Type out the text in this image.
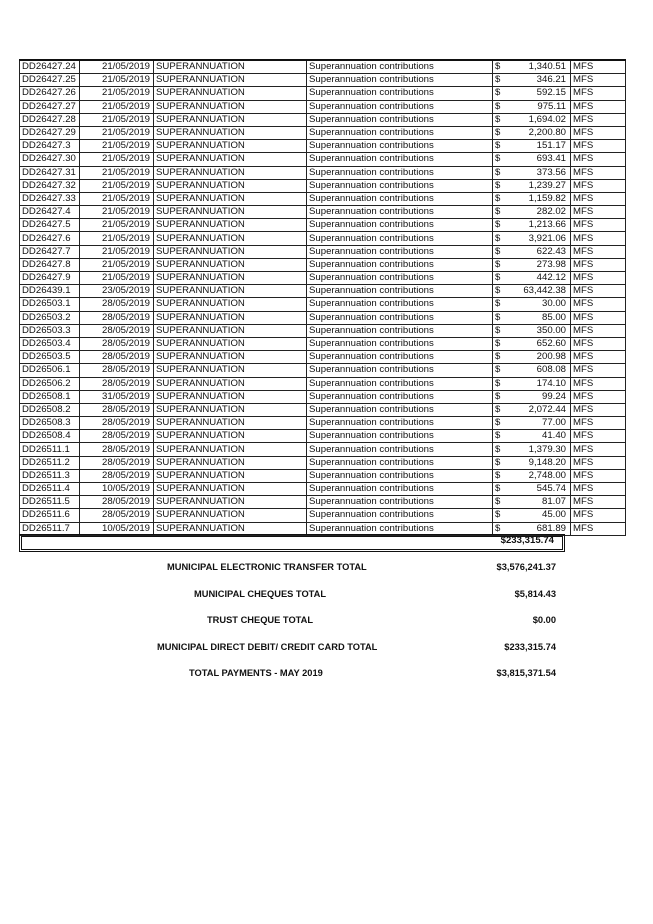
DD26427.24	21/05/2019	SUPERANNUATION	Superannuation contributions	$	1,340.51	MFS
DD26427.25	21/05/2019	SUPERANNUATION	Superannuation contributions	$	346.21	MFS
DD26427.26	21/05/2019	SUPERANNUATION	Superannuation contributions	$	592.15	MFS
DD26427.27	21/05/2019	SUPERANNUATION	Superannuation contributions	$	975.11	MFS
DD26427.28	21/05/2019	SUPERANNUATION	Superannuation contributions	$	1,694.02	MFS
DD26427.29	21/05/2019	SUPERANNUATION	Superannuation contributions	$	2,200.80	MFS
DD26427.3	21/05/2019	SUPERANNUATION	Superannuation contributions	$	151.17	MFS
DD26427.30	21/05/2019	SUPERANNUATION	Superannuation contributions	$	693.41	MFS
DD26427.31	21/05/2019	SUPERANNUATION	Superannuation contributions	$	373.56	MFS
DD26427.32	21/05/2019	SUPERANNUATION	Superannuation contributions	$	1,239.27	MFS
DD26427.33	21/05/2019	SUPERANNUATION	Superannuation contributions	$	1,159.82	MFS
DD26427.4	21/05/2019	SUPERANNUATION	Superannuation contributions	$	282.02	MFS
DD26427.5	21/05/2019	SUPERANNUATION	Superannuation contributions	$	1,213.66	MFS
DD26427.6	21/05/2019	SUPERANNUATION	Superannuation contributions	$	3,921.06	MFS
DD26427.7	21/05/2019	SUPERANNUATION	Superannuation contributions	$	622.43	MFS
DD26427.8	21/05/2019	SUPERANNUATION	Superannuation contributions	$	273.98	MFS
DD26427.9	21/05/2019	SUPERANNUATION	Superannuation contributions	$	442.12	MFS
DD26439.1	23/05/2019	SUPERANNUATION	Superannuation contributions	$	63,442.38	MFS
DD26503.1	28/05/2019	SUPERANNUATION	Superannuation contributions	$	30.00	MFS
DD26503.2	28/05/2019	SUPERANNUATION	Superannuation contributions	$	85.00	MFS
DD26503.3	28/05/2019	SUPERANNUATION	Superannuation contributions	$	350.00	MFS
DD26503.4	28/05/2019	SUPERANNUATION	Superannuation contributions	$	652.60	MFS
DD26503.5	28/05/2019	SUPERANNUATION	Superannuation contributions	$	200.98	MFS
DD26506.1	28/05/2019	SUPERANNUATION	Superannuation contributions	$	608.08	MFS
DD26506.2	28/05/2019	SUPERANNUATION	Superannuation contributions	$	174.10	MFS
DD26508.1	31/05/2019	SUPERANNUATION	Superannuation contributions	$	99.24	MFS
DD26508.2	28/05/2019	SUPERANNUATION	Superannuation contributions	$	2,072.44	MFS
DD26508.3	28/05/2019	SUPERANNUATION	Superannuation contributions	$	77.00	MFS
DD26508.4	28/05/2019	SUPERANNUATION	Superannuation contributions	$	41.40	MFS
DD26511.1	28/05/2019	SUPERANNUATION	Superannuation contributions	$	1,379.30	MFS
DD26511.2	28/05/2019	SUPERANNUATION	Superannuation contributions	$	9,148.20	MFS
DD26511.3	28/05/2019	SUPERANNUATION	Superannuation contributions	$	2,748.00	MFS
DD26511.4	10/05/2019	SUPERANNUATION	Superannuation contributions	$	545.74	MFS
DD26511.5	28/05/2019	SUPERANNUATION	Superannuation contributions	$	81.07	MFS
DD26511.6	28/05/2019	SUPERANNUATION	Superannuation contributions	$	45.00	MFS
DD26511.7	10/05/2019	SUPERANNUATION	Superannuation contributions	$	681.89	MFS
$233,315.74
MUNICIPAL ELECTRONIC TRANSFER TOTAL	$3,576,241.37
MUNICIPAL CHEQUES TOTAL	$5,814.43
TRUST CHEQUE TOTAL	$0.00
MUNICIPAL DIRECT DEBIT/ CREDIT CARD TOTAL	$233,315.74
TOTAL PAYMENTS - MAY 2019	$3,815,371.54
